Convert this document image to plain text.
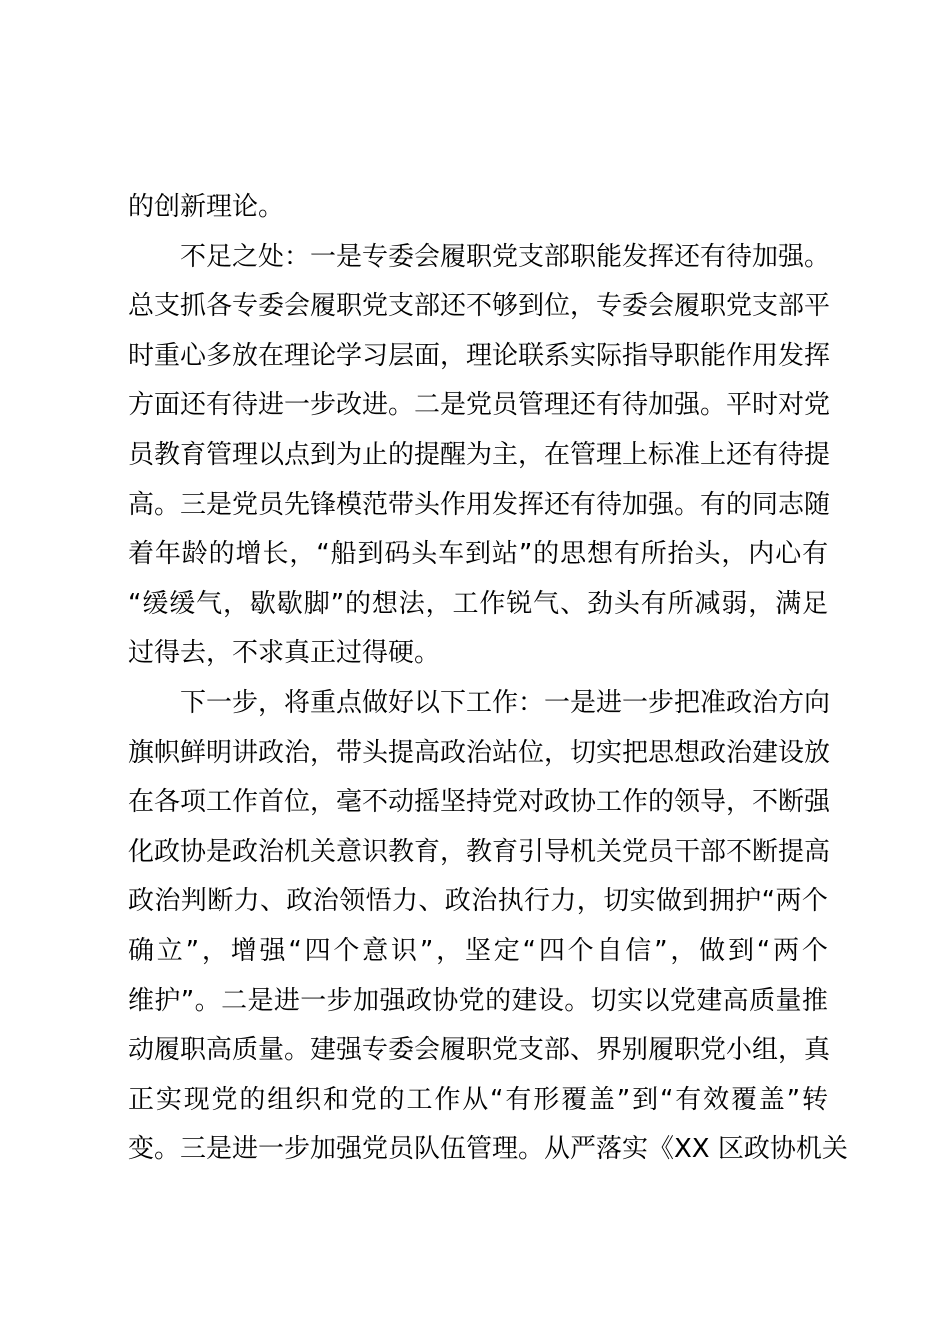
的创新理论。
不足之处：一是专委会履职党支部职能发挥还有待加强。
总支抓各专委会履职党支部还不够到位，专委会履职党支部平
时重心多放在理论学习层面，理论联系实际指导职能作用发挥
方面还有待进一步改进。二是党员管理还有待加强。平时对党
员教育管理以点到为止的提醒为主，在管理上标准上还有待提
高。三是党员先锋模范带头作用发挥还有待加强。有的同志随
着年龄的增长，“船到码头车到站”的思想有所抬头，内心有
“缓缓气，歇歇脚”的想法，工作锐气、劲头有所减弱，满足
过得去，不求真正过得硬。
下一步，将重点做好以下工作：一是进一步把准政治方向
旗帜鲜明讲政治，带头提高政治站位，切实把思想政治建设放
在各项工作首位，毫不动摇坚持党对政协工作的领导，不断强
化政协是政治机关意识教育，教育引导机关党员干部不断提高
政治判断力、政治领悟力、政治执行力，切实做到拥护“两个
确立”，增强“四个意识”，坚定“四个自信”，做到“两个
维护”。二是进一步加强政协党的建设。切实以党建高质量推
动履职高质量。建强专委会履职党支部、界别履职党小组，真
正实现党的组织和党的工作从“有形覆盖”到“有效覆盖”转
变。三是进一步加强党员队伍管理。从严落实《XX 区政协机关
